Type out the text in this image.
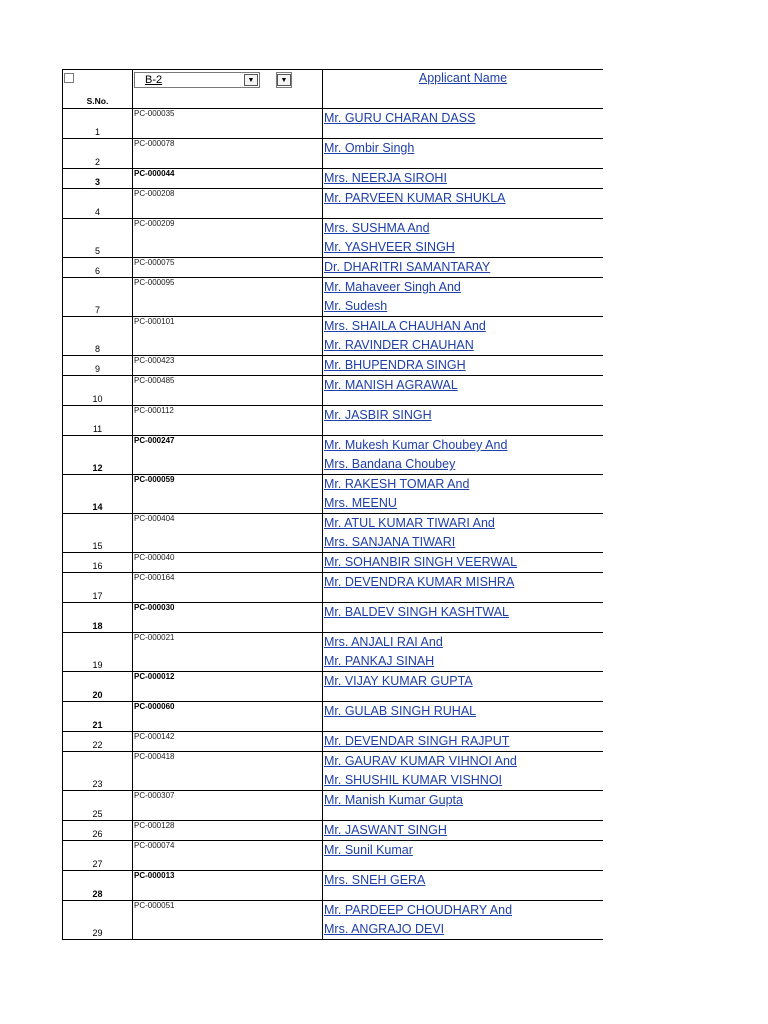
S.No.	B-2 ▼ ▼	Applicant Name

1	PC-000035	Mr. GURU CHARAN DASS

2	PC-000078	Mr. Ombir Singh

3	PC-000044	Mrs. NEERJA SIROHI

4	PC-000208	Mr. PARVEEN KUMAR SHUKLA

5	PC-000209	Mrs. SUSHMA And
Mr. YASHVEER SINGH

6	PC-000075	Dr. DHARITRI SAMANTARAY

7	PC-000095	Mr. Mahaveer Singh And
Mr. Sudesh

8	PC-000101	Mrs. SHAILA CHAUHAN And
Mr. RAVINDER CHAUHAN

9	PC-000423	Mr. BHUPENDRA SINGH

10	PC-000485	Mr. MANISH AGRAWAL

11	PC-000112	Mr. JASBIR SINGH

12	PC-000247	Mr. Mukesh Kumar Choubey And
Mrs. Bandana Choubey

14	PC-000059	Mr. RAKESH TOMAR And
Mrs. MEENU

15	PC-000404	Mr. ATUL KUMAR TIWARI And
Mrs. SANJANA TIWARI

16	PC-000040	Mr. SOHANBIR SINGH VEERWAL

17	PC-000164	Mr. DEVENDRA KUMAR MISHRA

18	PC-000030	Mr. BALDEV SINGH KASHTWAL

19	PC-000021	Mrs. ANJALI RAI And
Mr. PANKAJ SINAH

20	PC-000012	Mr. VIJAY KUMAR GUPTA

21	PC-000060	Mr. GULAB SINGH RUHAL

22	PC-000142	Mr. DEVENDAR SINGH RAJPUT

23	PC-000418	Mr. GAURAV KUMAR VIHNOI And
Mr. SHUSHIL KUMAR VISHNOI

25	PC-000307	Mr. Manish Kumar Gupta

26	PC-000128	Mr. JASWANT SINGH

27	PC-000074	Mr. Sunil Kumar

28	PC-000013	Mrs. SNEH GERA

29	PC-000051	Mr. PARDEEP CHOUDHARY And
Mrs. ANGRAJO DEVI
